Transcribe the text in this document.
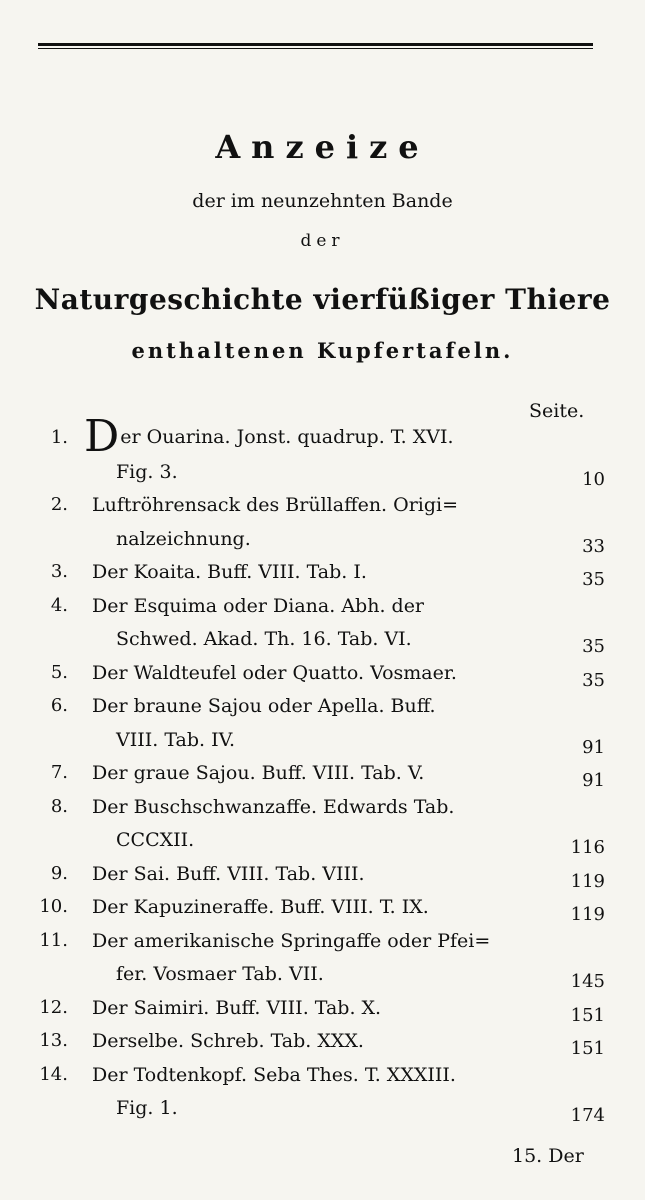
Anzeize
der im neunzehnten Bande
der
Naturgeschichte vierfüßiger Thiere
enthaltenen Kupfertafeln.
Seite.
1. Der Ouarina. Jonst. quadrup. T. XVI.
Fig. 3.	10
2. Luftröhrensack des Brüllaffen. Origi=
nalzeichnung.	33
3. Der Koaita. Buff. VIII. Tab. I.	35
4. Der Esquima oder Diana. Abh. der
Schwed. Akad. Th. 16. Tab. VI.	35
5. Der Waldteufel oder Quatto. Vosmaer.	35
6. Der braune Sajou oder Apella. Buff.
VIII. Tab. IV.	91
7. Der graue Sajou. Buff. VIII. Tab. V.	91
8. Der Buschschwanzaffe. Edwards Tab.
CCCXII.	116
9. Der Sai. Buff. VIII. Tab. VIII.	119
10. Der Kapuzineraffe. Buff. VIII. T. IX.	119
11. Der amerikanische Springaffe oder Pfei=
fer. Vosmaer Tab. VII.	145
12. Der Saimiri. Buff. VIII. Tab. X.	151
13. Derselbe. Schreb. Tab. XXX.	151
14. Der Todtenkopf. Seba Thes. T. XXXIII.
Fig. 1.	174
15. Der
